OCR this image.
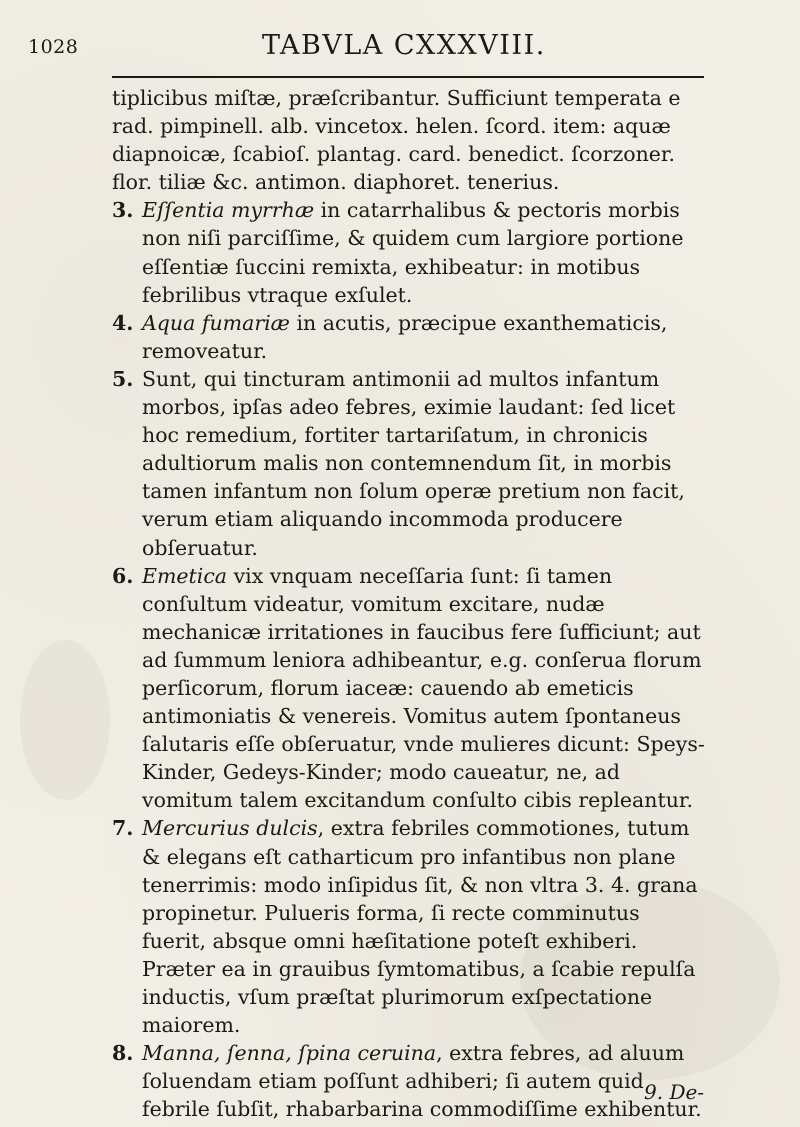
1028	TABVLA CXXXVIII.

tiplicibus miſtæ, præſcribantur. Sufficiunt temperata e rad. pimpinell. alb. vincetox. helen. ſcord. item: aquæ diapnoicæ, ſcabioſ. plantag. card. benedict. ſcorzoner. flor. tiliæ &c. antimon. diaphoret. tenerius.

3. Eſſentia myrrhæ in catarrhalibus & pectoris morbis non niſi parciſſime, & quidem cum largiore portione eſſentiæ ſuccini remixta, exhibeatur: in motibus febrilibus vtraque exſulet.

4. Aqua fumariæ in acutis, præcipue exanthematicis, removeatur.

5. Sunt, qui tincturam antimonii ad multos infantum morbos, ipſas adeo febres, eximie laudant: ſed licet hoc remedium, fortiter tartariſatum, in chronicis adultiorum malis non contemnendum ſit, in morbis tamen infantum non ſolum operæ pretium non facit, verum etiam aliquando incommoda producere obſeruatur.

6. Emetica vix vnquam neceſſaria ſunt: ſi tamen conſultum videatur, vomitum excitare, nudæ mechanicæ irritationes in faucibus fere ſufficiunt; aut ad ſummum leniora adhibeantur, e.g. conſerua florum perſicorum, florum iaceæ: cauendo ab emeticis antimoniatis & venereis. Vomitus autem ſpontaneus ſalutaris eſſe obſeruatur, vnde mulieres dicunt: Speys-Kinder, Gedeys-Kinder; modo caueatur, ne, ad vomitum talem excitandum conſulto cibis repleantur.

7. Mercurius dulcis, extra febriles commotiones, tutum & elegans eſt catharticum pro infantibus non plane tenerrimis: modo inſipidus ſit, & non vltra 3. 4. grana propinetur. Pulueris forma, ſi recte comminutus fuerit, absque omni hæſitatione poteſt exhiberi. Præter ea in grauibus ſymtomatibus, a ſcabie repulſa inductis, vſum præſtat plurimorum exſpectatione maiorem.

8. Manna, ſenna, ſpina ceruina, extra febres, ad aluum ſoluendam etiam poſſunt adhiberi; ſi autem quid febrile ſubſit, rhabarbarina commodiſſime exhibentur.

9. De-
